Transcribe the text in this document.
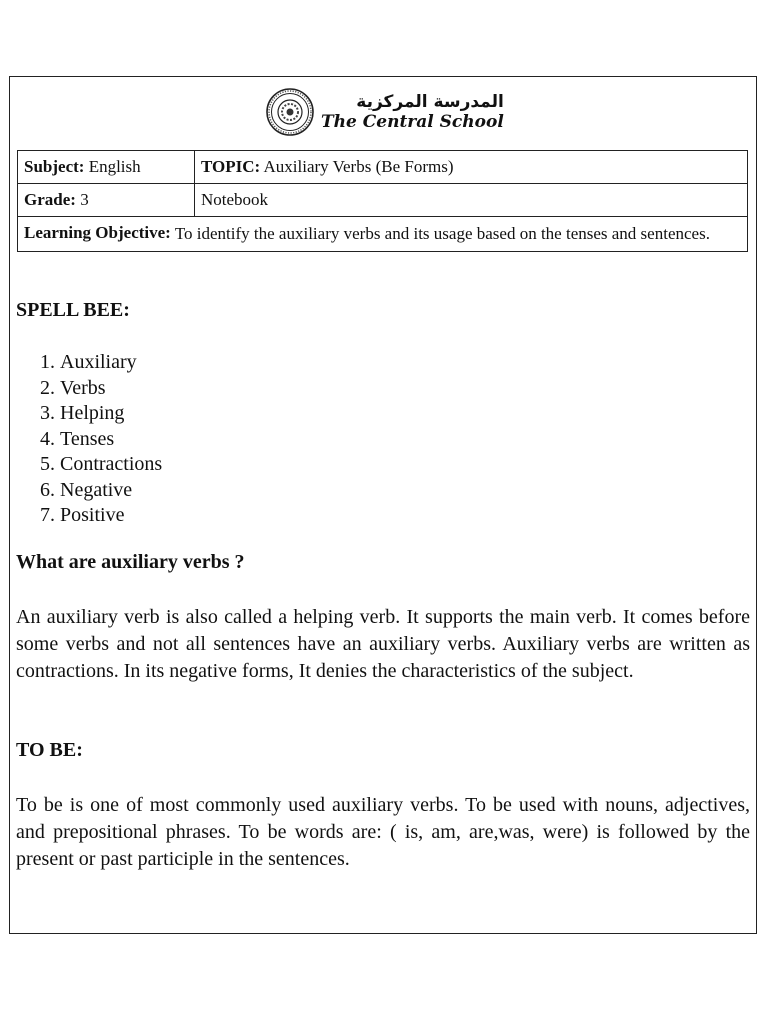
المدرسة المركزية
The Central School
Subject: English	TOPIC: Auxiliary Verbs (Be Forms)
Grade: 3	Notebook

Learning Objective: To identify the auxiliary verbs and its usage based on the tenses and sentences.	
SPELL BEE:
1. Auxiliary
2. Verbs
3. Helping
4. Tenses
5. Contractions
6. Negative
7. Positive
What are auxiliary verbs ?

An auxiliary verb is also called a helping verb. It supports the main verb. It comes before some verbs and not all sentences have an auxiliary verbs. Auxiliary verbs are written as contractions. In its negative forms, It denies the characteristics of the subject.

TO BE:

To be is one of most commonly used auxiliary verbs. To be used with nouns, adjectives, and prepositional phrases. To be words are: ( is, am, are,was, were) is followed by the present or past participle in the sentences.
